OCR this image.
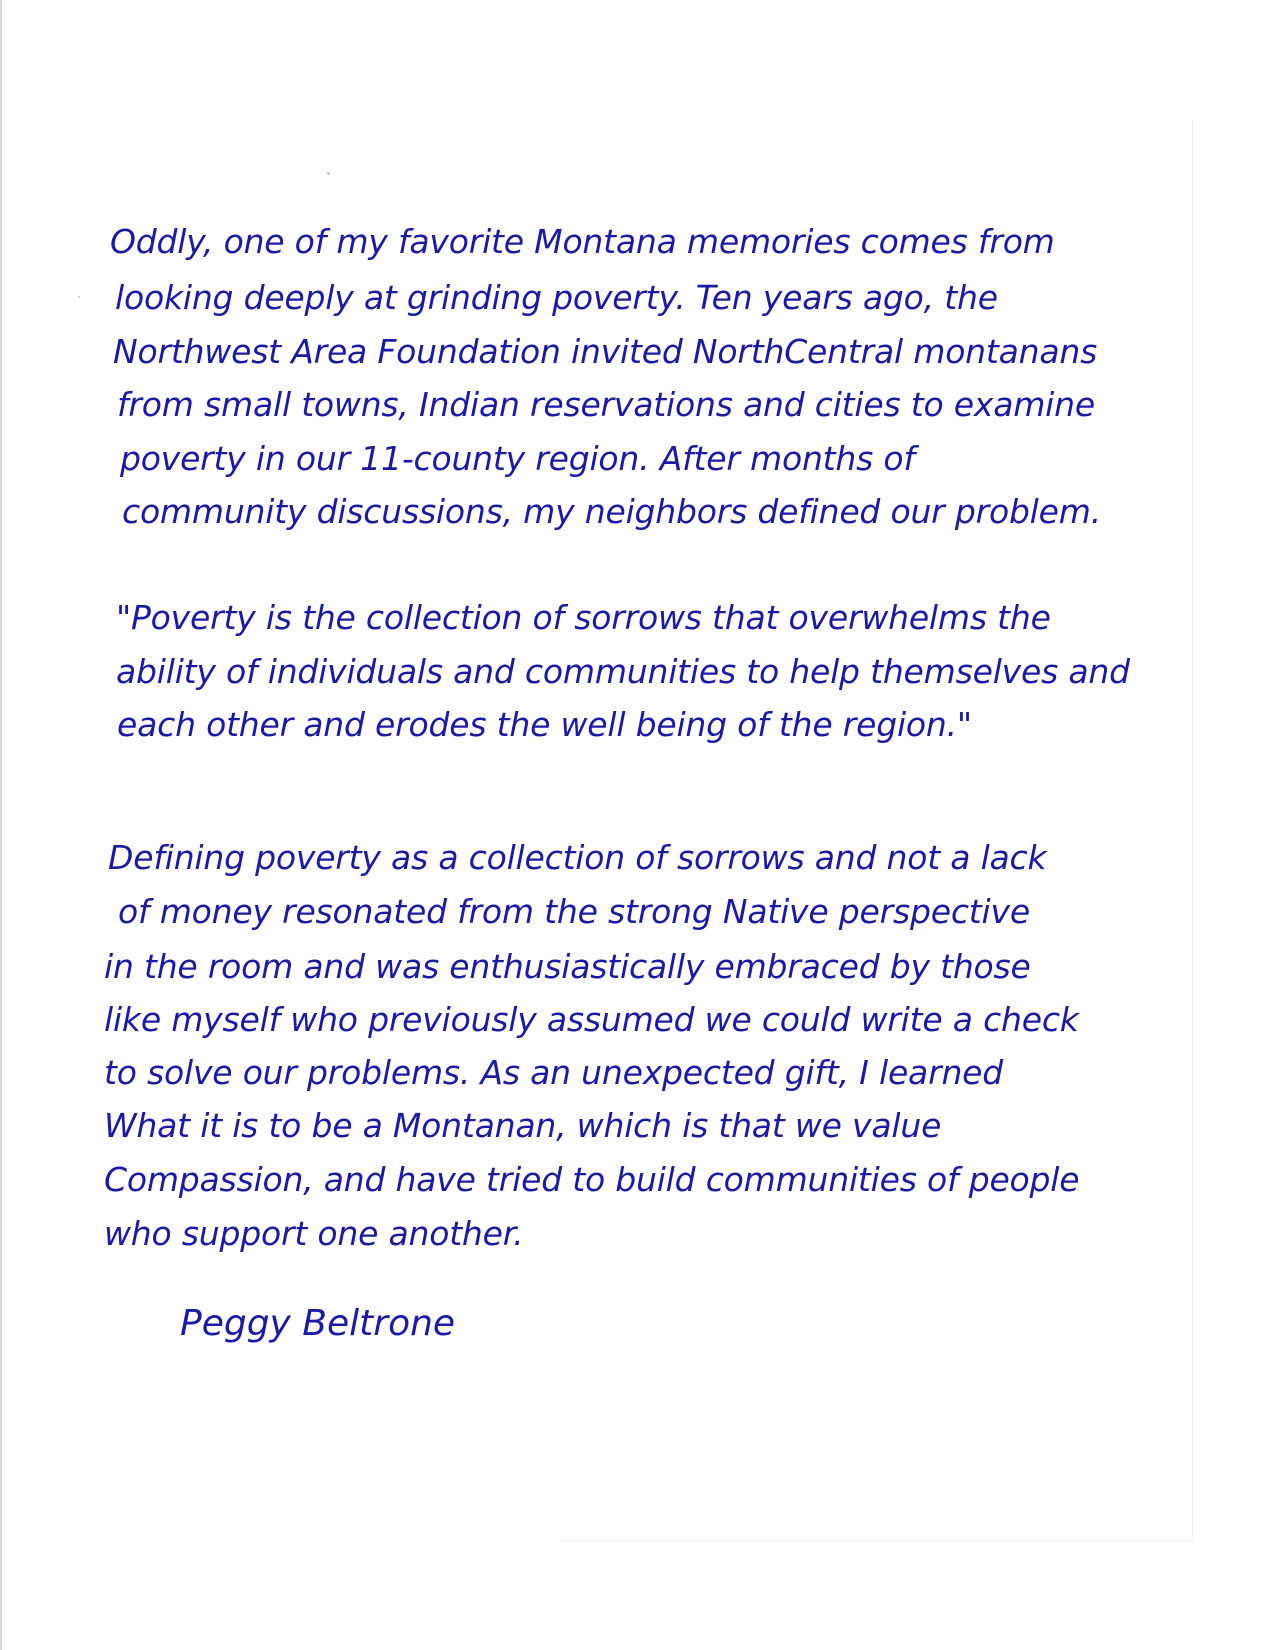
Oddly, one of my favorite Montana memories comes from

looking deeply at grinding poverty. Ten years ago, the

Northwest Area Foundation invited NorthCentral montanans

from small towns, Indian reservations and cities to examine

poverty in our 11-county region. After months of

community discussions, my neighbors defined our problem.

"Poverty is the collection of sorrows that overwhelms the

ability of individuals and communities to help themselves and

each other and erodes the well being of the region."

Defining poverty as a collection of sorrows and not a lack

of money resonated from the strong Native perspective

in the room and was enthusiastically embraced by those

like myself who previously assumed we could write a check

to solve our problems. As an unexpected gift, I learned

What it is to be a Montanan, which is that we value

Compassion, and have tried to build communities of people

who support one another.

Peggy Beltrone
